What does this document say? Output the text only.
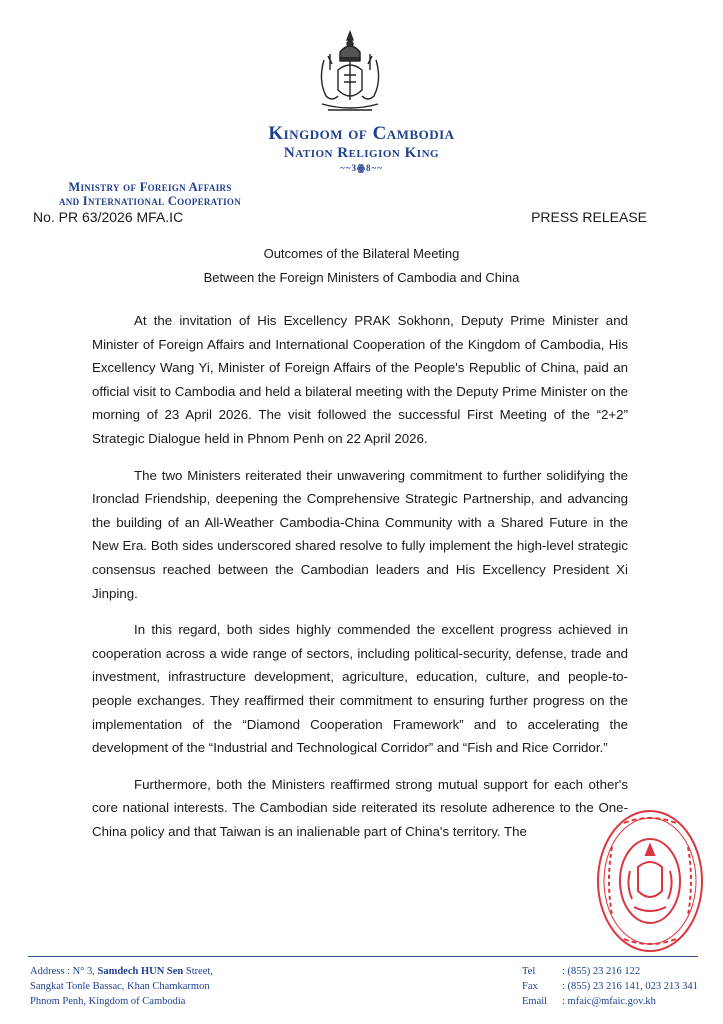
Kingdom of Cambodia
Nation Religion King
~~3ꙮ8~~
Ministry of Foreign Affairs
and International Cooperation
No. PR 63/2026 MFA.IC	PRESS RELEASE
Outcomes of the Bilateral Meeting
Between the Foreign Ministers of Cambodia and China

At the invitation of His Excellency PRAK Sokhonn, Deputy Prime Minister and Minister of Foreign Affairs and International Cooperation of the Kingdom of Cambodia, His Excellency Wang Yi, Minister of Foreign Affairs of the People's Republic of China, paid an official visit to Cambodia and held a bilateral meeting with the Deputy Prime Minister on the morning of 23 April 2026. The visit followed the successful First Meeting of the “2+2” Strategic Dialogue held in Phnom Penh on 22 April 2026.

The two Ministers reiterated their unwavering commitment to further solidifying the Ironclad Friendship, deepening the Comprehensive Strategic Partnership, and advancing the building of an All-Weather Cambodia-China Community with a Shared Future in the New Era. Both sides underscored shared resolve to fully implement the high-level strategic consensus reached between the Cambodian leaders and His Excellency President Xi Jinping.

In this regard, both sides highly commended the excellent progress achieved in cooperation across a wide range of sectors, including political-security, defense, trade and investment, infrastructure development, agriculture, education, culture, and people-to-people exchanges. They reaffirmed their commitment to ensuring further progress on the implementation of the “Diamond Cooperation Framework” and to accelerating the development of the “Industrial and Technological Corridor” and “Fish and Rice Corridor.”

Furthermore, both the Ministers reaffirmed strong mutual support for each other's core national interests. The Cambodian side reiterated its resolute adherence to the One-China policy and that Taiwan is an inalienable part of China's territory. The

Address : N° 3, Samdech HUN Sen Street,
Sangkat Tonle Bassac, Khan Chamkarmon
Phnom Penh, Kingdom of Cambodia
Tel	: (855) 23 216 122
Fax	: (855) 23 216 141, 023 213 341
Email	: mfaic@mfaic.gov.kh
